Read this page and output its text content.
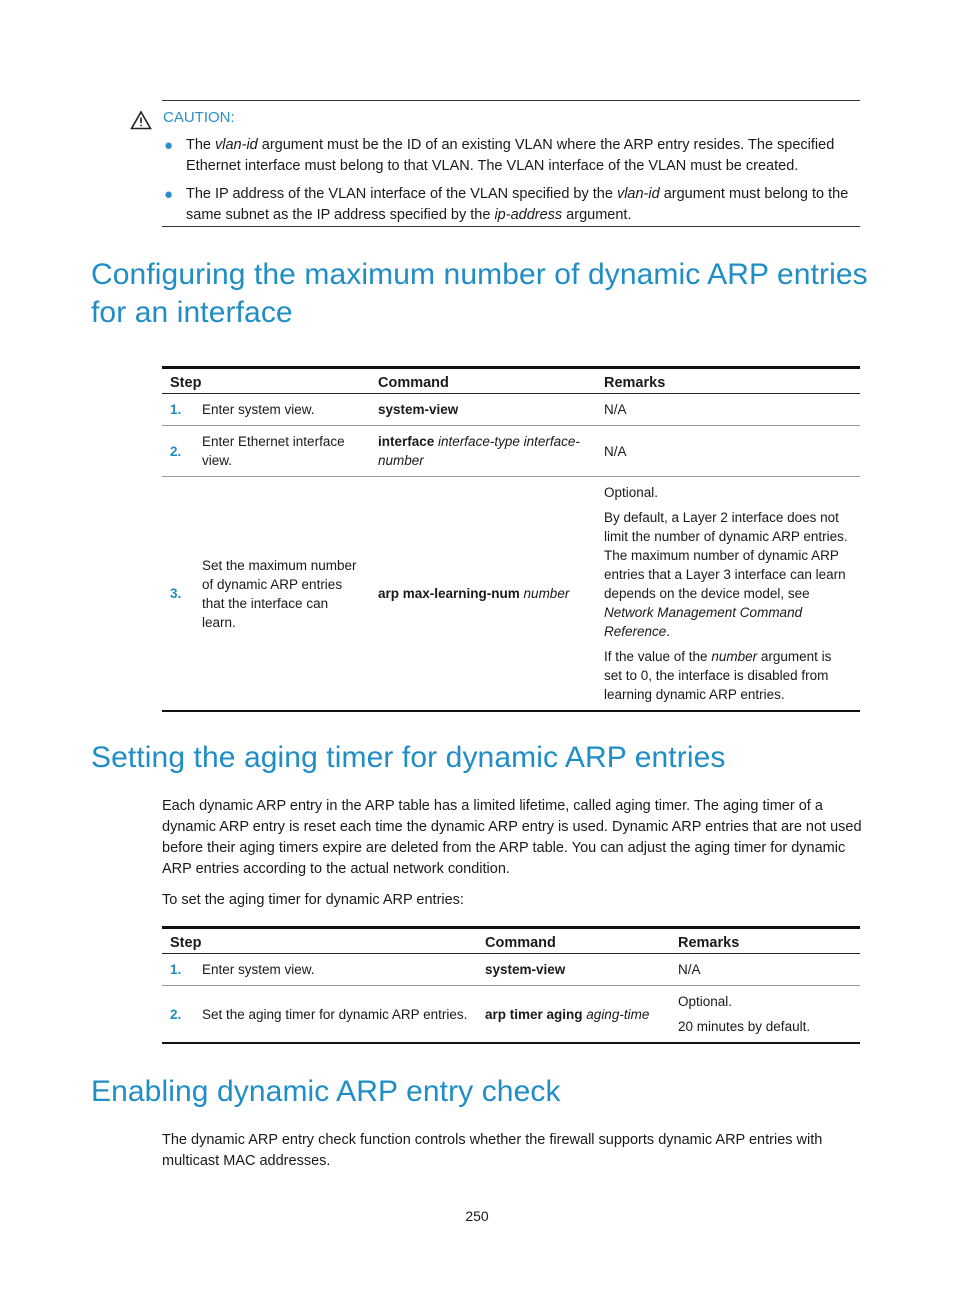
CAUTION:
● The vlan-id argument must be the ID of an existing VLAN where the ARP entry resides. The specified Ethernet interface must belong to that VLAN. The VLAN interface of the VLAN must be created.
● The IP address of the VLAN interface of the VLAN specified by the vlan-id argument must belong to the same subnet as the IP address specified by the ip-address argument.
Configuring the maximum number of dynamic ARP entries for an interface
Step		Command	Remarks
1.	Enter system view.	system-view	N/A
2.	Enter Ethernet interface view.	interface interface-type interface-number	N/A
3.	Set the maximum number of dynamic ARP entries that the interface can learn.	arp max-learning-num number	Optional.

By default, a Layer 2 interface does not limit the number of dynamic ARP entries. The maximum number of dynamic ARP entries that a Layer 3 interface can learn depends on the device model, see Network Management Command Reference.

If the value of the number argument is set to 0, the interface is disabled from learning dynamic ARP entries.

Setting the aging timer for dynamic ARP entries

Each dynamic ARP entry in the ARP table has a limited lifetime, called aging timer. The aging timer of a dynamic ARP entry is reset each time the dynamic ARP entry is used. Dynamic ARP entries that are not used before their aging timers expire are deleted from the ARP table. You can adjust the aging timer for dynamic ARP entries according to the actual network condition.

To set the aging timer for dynamic ARP entries:

Step		Command	Remarks
1.	Enter system view.	system-view	N/A
2.	Set the aging timer for dynamic ARP entries.	arp timer aging aging-time	Optional.

20 minutes by default.

Enabling dynamic ARP entry check

The dynamic ARP entry check function controls whether the firewall supports dynamic ARP entries with multicast MAC addresses.

250
